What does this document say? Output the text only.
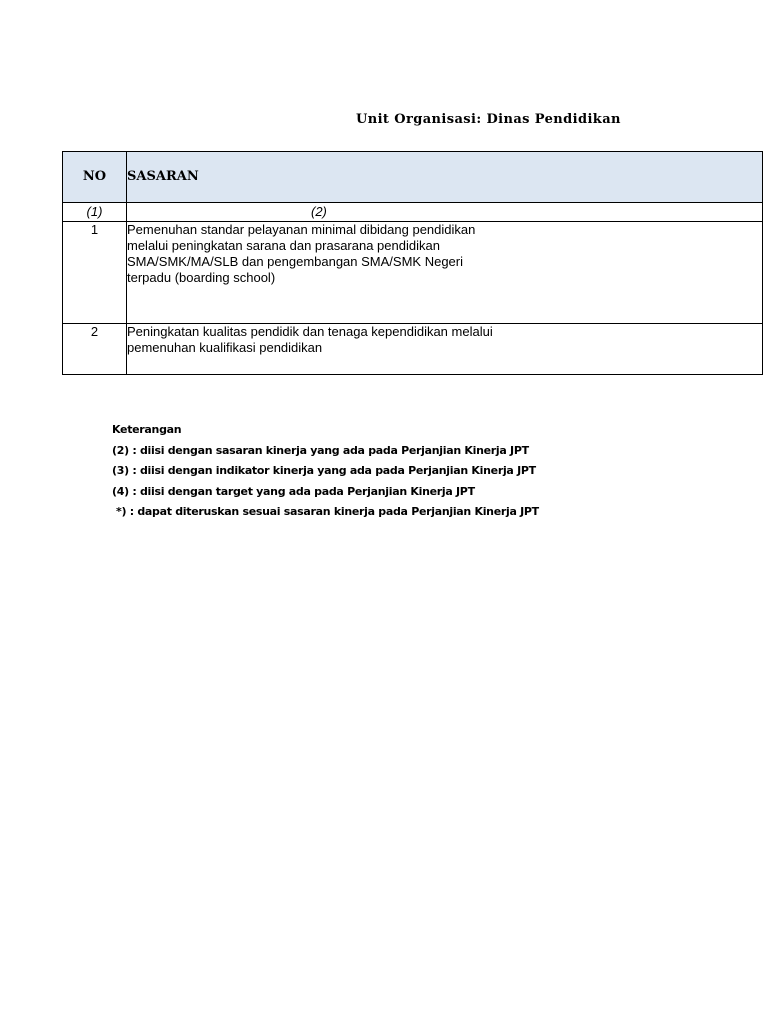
Unit Organisasi: Dinas Pendidikan
NO	SASARAN
(1)	(2)
1	Pemenuhan standar pelayanan minimal dibidang pendidikan melalui peningkatan sarana dan prasarana pendidikan SMA/SMK/MA/SLB dan pengembangan SMA/SMK Negeri terpadu (boarding school)

2	Peningkatan kualitas pendidik dan tenaga kependidikan melalui pemenuhan kualifikasi pendidikan
Keterangan
(2) : diisi dengan sasaran kinerja yang ada pada Perjanjian Kinerja JPT
(3) : diisi dengan indikator kinerja yang ada pada Perjanjian Kinerja JPT
(4) : diisi dengan target yang ada pada Perjanjian Kinerja JPT
*) : dapat diteruskan sesuai sasaran kinerja pada Perjanjian Kinerja JPT
